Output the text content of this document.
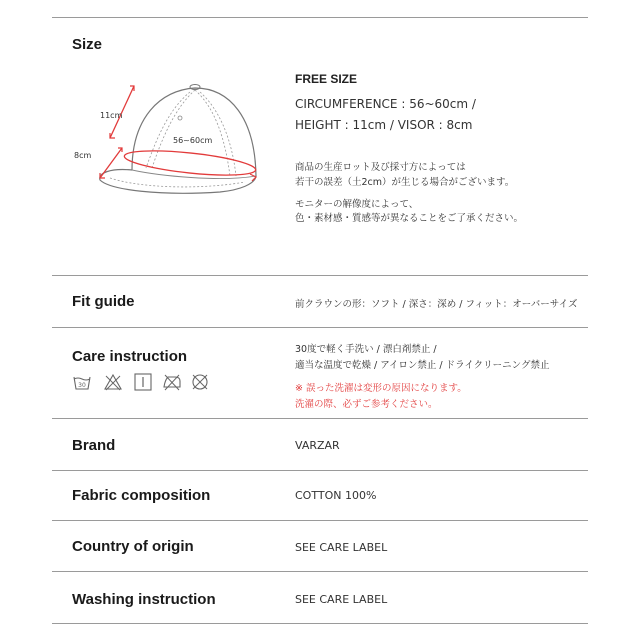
Size
11cm
8cm
56~60cm
FREE SIZE
CIRCUMFERENCE : 56~60cm /
HEIGHT : 11cm / VISOR : 8cm
商品の生産ロット及び採寸方によっては
若干の誤差（土2cm）が生じる場合がございます。
モニターの解像度によって、
色・素材感・質感等が異なることをご了承ください。
Fit guide	前クラウンの形：ソフト / 深さ：深め / フィット：オーバーサイズ
Care instruction
30
30度で軽く手洗い / 漂白剤禁止 /
適当な温度で乾燥 / アイロン禁止 / ドライクリーニング禁止
※ 誤った洗濯は変形の原因になります。
洗濯の際、必ずご参考ください。
Brand	VARZAR
Fabric composition	COTTON 100%
Country of origin	SEE CARE LABEL
Washing instruction	SEE CARE LABEL
